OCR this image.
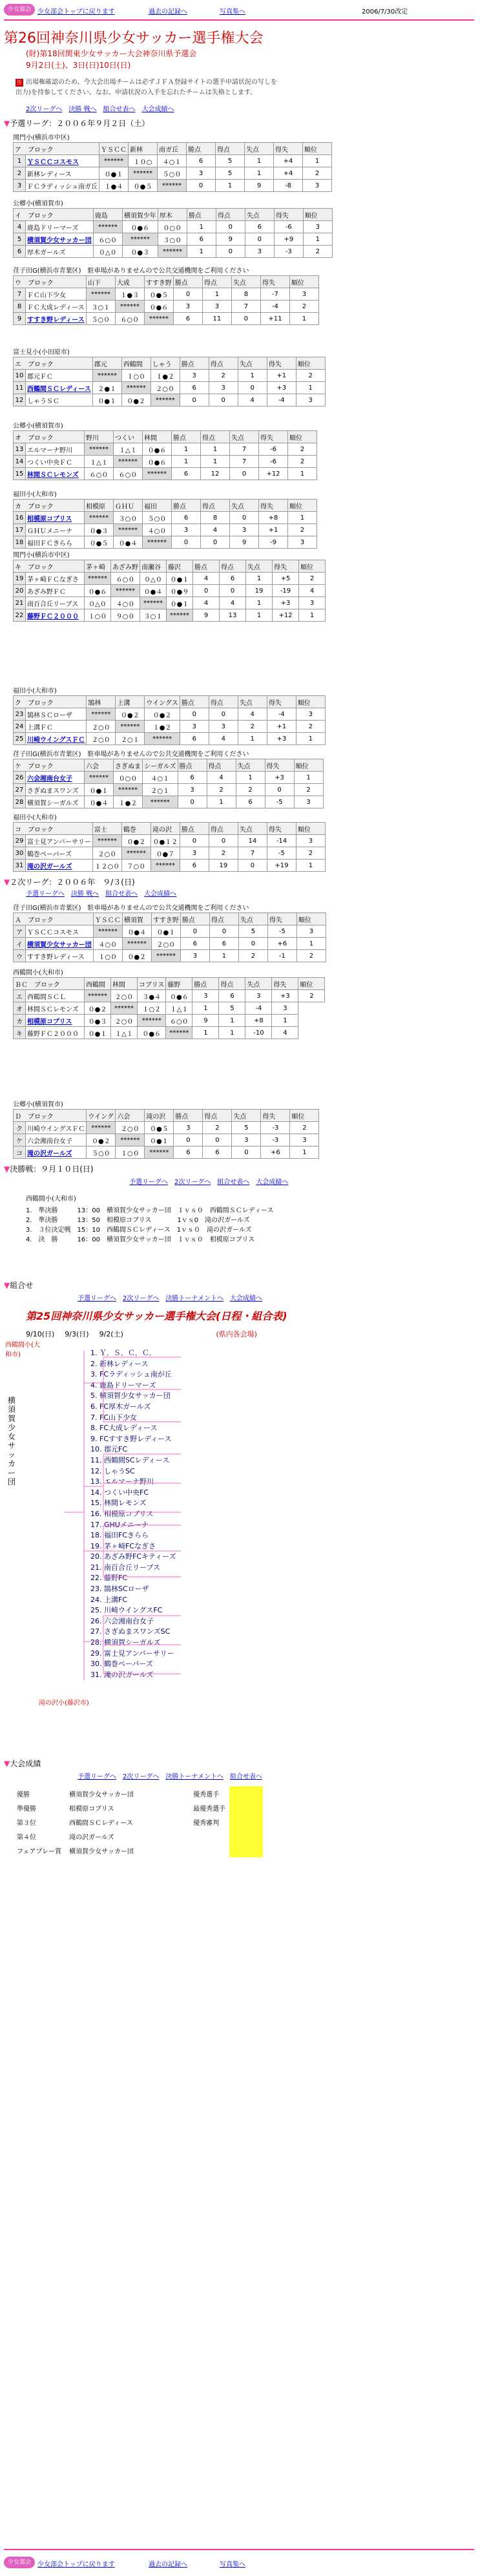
少女部会	少女部会トップに戻ります	過去の記録へ	写真集へ	2006/7/30改定
第26回神奈川県少女サッカー選手権大会
(財)第18回関東少女サッカー大会神奈川県予選会
9月2日(土)、3日(日)10日(日)
注 出場権確認のため、今大会出場チームは必ずＪＦＡ登録サイトの選手申請状況の写しを
出力)を持参してください。なお、申請状況の入手を忘れたチームは失格とします。
2次リーグへ 決勝 戦へ 組合せ表へ 大会成績へ
▼予選リーグ：２００６年９月２日（土）
関門小(横浜市中区)
ア　ブロック		ＹＳＣＣ	新林	南ガ丘	勝点	得点	失点	得失	順位
1	ＹＳＣＣコスモス	******	１０○	４○１	6	5	1	+4	1
2	新林レディース	０●１	******	５○０	3	5	1	+4	2
3	ＦＣラディッシュ南ガ丘	１●４	０●５	******	0	1	9	-8	3
公郷小(横須賀市)
イ　ブロック		鹿島	横須賀少年	厚木	勝点	得点	失点	得失	順位
4	鹿島ドリーマーズ	******	０●６	０○０	1	0	6	-6	3
5	横須賀少女サッカー団	６○０	******	３○０	6	9	0	+9	1
6	厚木ガールズ	０△０	０●３	******	1	0	3	-3	2
荏子田G(横浜市青葉区)　駐車場がありませんので公共交通機関をご利用ください
ウ　ブロック		山下	大成	すすき野	勝点	得点	失点	得失	順位
7	ＦＣ山下少女	******	１●３	０●５	0	1	8	-7	3
8	ＦＣ大成レディース	３○１	******	０●６	3	3	7	-4	2
9	すすき野レディース	５○０	６○０	******	6	11	0	+11	1
富士見小(小田原市)
エ　ブロック		郡元	西鶴間	しゃう	勝点	得点	失点	得失	順位
10	郡元ＦＣ	******	１○０	１●２	3	2	1	+1	2
11	西鶴間ＳＣレディース	２●１	******	２○０	6	3	0	+3	1
12	しゃうＳＣ	０●１	０●２	******	0	0	4	-4	3
公郷小(横須賀市)
オ　ブロック		野川	つくい	林間	勝点	得点	失点	得失	順位
13	エルマーナ野川	******	１△１	０●６	1	1	7	-6	2
14	つくい中央ＦＣ	１△１	******	０●６	1	1	7	-6	2
15	林間ＳＣレモンズ	６○０	６○０	******	6	12	0	+12	1
福田小(大和市)
カ　ブロック		相模原	ＧＨＵ	福田	勝点	得点	失点	得失	順位
16	相模原コブリス	******	３○０	５○０	6	8	0	+8	1
17	ＧＨＵメニーナ	０●３	******	４○０	3	4	3	+1	2
18	福田ＦＣきらら	０●５	０●４	******	0	0	9	-9	3
関門小(横浜市中区)
キ　ブロック		茅ヶ崎	あざみ野	南瀬谷	藤沢	勝点	得点	失点	得失	順位
19	茅ヶ崎ＦＣなぎさ	******	６○０	０△０	０●１	4	6	1	+5	2
20	あざみ野ＦＣ	０●６	******	０●４	０●９	0	0	19	-19	4
21	南百合丘リーブス	０△０	４○０	******	０●１	4	4	1	+3	3
22	藤野ＦＣ２０００	１○０	９○０	３○１	******	9	13	1	+12	1
福田小(大和市)
ク　ブロック		鵠林	上溝	ウイングス	勝点	得点	失点	得失	順位
23	鵠林ＳＣローザ	******	０●２	０●２	0	0	4	-4	3
24	上溝ＦＣ	２○０	******	１●２	3	3	2	+1	2
25	川崎ウイングスＦＣ	２○０	２○１	******	6	4	1	+3	1
荏子田G(横浜市青葉区)　駐車場がありませんので公共交通機関をご利用ください
ケ　ブロック		六会	さぎぬま	シーガルズ	勝点	得点	失点	得失	順位
26	六会湘南台女子	******	０○０	４○１	6	4	1	+3	1
27	さぎぬまスワンズ	０●１	******	２○１	3	2	2	0	2
28	横須賀シーガルズ	０●４	１●２	******	0	1	6	-5	3
福田小(大和市)
コ　ブロック		富士	鶴巻	滝の沢	勝点	得点	失点	得失	順位
29	富士見アンバーサリー	******	０●２	０●１２	0	0	14	-14	3
30	鶴巻ペーパーズ	２○０	******	０●７	3	2	7	-5	2
31	滝の沢ガールズ	１２○０	７○０	******	6	19	0	+19	1
▼２次リーグ：２００６年　９/３(日)
予選リーグへ 決勝 戦へ 組合せ表へ 大会成績へ
荏子田G(横浜市青葉区)　駐車場がありませんので公共交通機関をご利用ください
Ａ　ブロック		ＹＳＣＣ	横須賀	すすき野	勝点	得点	失点	得失	順位
ア	ＹＳＣＣコスモス	******	０●４	０●１	0	0	5	-5	3
イ	横須賀少女サッカー団	４○０	******	２○０	6	6	0	+6	1
ウ	すすき野レディース	１○０	０●２	******	3	1	2	-1	2
西鶴間小(大和市)
ＢＣ　ブロック		西鶴間	林間	コブリス	藤野	勝点	得点	失点	得失	順位
エ	西鶴間ＳＣＬ	******	２○０	３●４	０●６	3	6	3	+3	2
オ	林間ＳＣレモンズ	０●２	******	１○２	１△１	1	5	-4	3	
カ	相模原コブリス	０●３	２○０	******	６○０	9	1	+8	1	
キ	藤野ＦＣ２０００	０●１	１△１	０●６	******	1	1	-10	4	
公郷小(横須賀市)
Ｄ　ブロック		ウイング	六会	滝の沢	勝点	得点	失点	得失	順位
ク	川崎ウイングスＦＣ	******	２○０	０●５	3	2	5	-3	2
ケ	六会湘南台女子	０●２	******	０●１	0	0	3	-3	3
コ	滝の沢ガールズ	５○０	１○０	******	6	6	0	+6	1
▼決勝戦：９月１０日(日)
予選リーグへ 2次リーグへ 組合せ表へ 大会成績へ
西鶴間小(大和市)
1.　準決勝　　　13：00　横須賀少女サッカー団　１ｖｓ０　西鶴間ＳＣレディース
2.　準決勝　　　13：50　相模原コブリス　　　　1ｖｓ0　滝の沢ガールズ
3.　３位決定戦　15：10　西鶴間ＳＣレディース　1ｖｓ０　滝の沢ガールズ
4.　決　勝　　　16：00　横須賀少女サッカー団　１ｖｓ０　相模原コブリス
▼組合せ
予選リーグへ 2次リーグへ 決勝トーナメントへ 大会成績へ
第25回神奈川県少女サッカー選手権大会(日程・組合表)
9/10(日) 9/3(日) 9/2(土)	(県内各会場)
西鶴間小(大和市)
横須賀少女サッカー団
1. Ｙ．Ｓ．Ｃ．Ｃ．
2. 新林レディース
3. FCラディッシュ南が丘
4. 鹿島ドリーマーズ
5. 横須賀少女サッカー団
6. FC厚木ガールズ
7. FC山下少女
8. FC大成レディース
9. FCすすき野レディース
10. 郡元FC
11. 西鶴間SCレディース
12. しゃうSC
13. エルマーナ野川
14. つくい中央FC
15. 林間レモンズ
16. 相模原コブリス
17. GHUメニーナ
18. 福田FCきらら
19. 茅ヶ崎FCなぎさ
20. あざみ野FCキティーズ
21. 南百合丘リーブス
22. 藤野FC
23. 鵠林SCローザ
24. 上溝FC
25. 川崎ウイングスFC
26. 六会湘南台女子
27. さぎぬまスワンズSC
28. 横須賀シーガルズ
29. 富士見アンバーサリー
30. 鶴巻ペーパーズ
31. 滝の沢ガールズ
滝の沢小(藤沢市)
▼大会成績
予選リーグへ 2次リーグへ 決勝トーナメントへ 組合せ表へ
優勝	横須賀少女サッカー団	優秀選手	
準優勝	相模原コブリス	最優秀選手	
第３位	西鶴間ＳＣレディース	優秀審判	
第４位	滝の沢ガールズ		
フェアプレー賞	横須賀少女サッカー団		
少女部会	少女部会トップに戻ります	過去の記録へ	写真集へ
